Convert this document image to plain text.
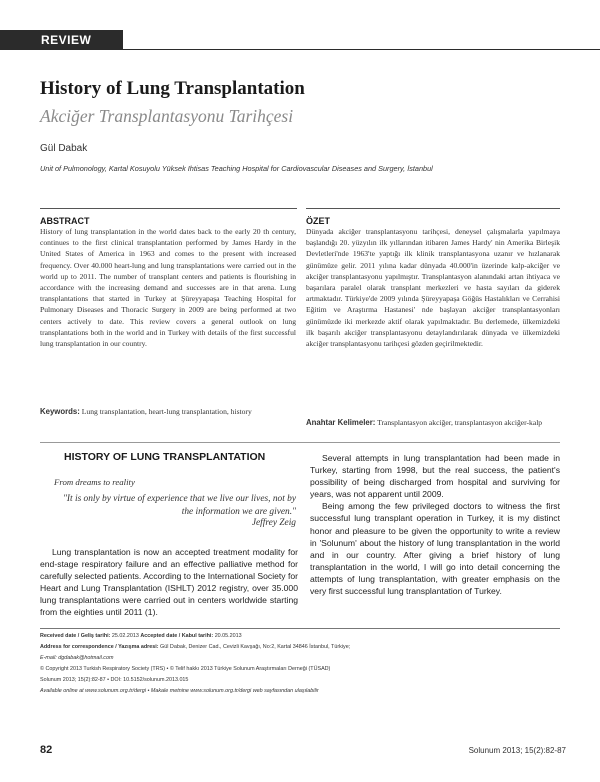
REVIEW
History of Lung Transplantation
Akciğer Transplantasyonu Tarihçesi
Gül Dabak
Unit of Pulmonology, Kartal Kosuyolu Yüksek Ihtisas Teaching Hospital for Cardiovascular Diseases and Surgery, İstanbul
ABSTRACT
History of lung transplantation in the world dates back to the early 20 th century, continues to the first clinical transplantation performed by James Hardy in the United States of America in 1963 and comes to the present with increased frequency. Over 40.000 heart-lung and lung transplantations were carried out in the world up to 2011. The number of transplant centers and patients is flourishing in accordance with the increasing demand and successes are in that arena. Lung transplantations that started in Turkey at Şüreyyapaşa Teaching Hospital for Pulmonary Diseases and Thoracic Surgery in 2009 are being performed at two centers actively to date. This review covers a general outlook on lung transplantations both in the world and in Turkey with details of the first successful lung transplantation in our country.
Keywords: Lung transplantation, heart-lung transplantation, history
ÖZET
Dünyada akciğer transplantasyonu tarihçesi, deneysel çalışmalarla yapılmaya başlandığı 20. yüzyılın ilk yıllarından itibaren James Hardy' nin Amerika Birleşik Devletleri'nde 1963'te yaptığı ilk klinik transplantasyona uzanır ve hızlanarak günümüze gelir. 2011 yılına kadar dünyada 40.000'in üzerinde kalp-akciğer ve akciğer transplantasyonu yapılmıştır. Transplantasyon alanındaki artan ihtiyaca ve başarılara paralel olarak transplant merkezleri ve hasta sayıları da giderek artmaktadır. Türkiye'de 2009 yılında Şüreyyapaşa Göğüs Hastalıkları ve Cerrahisi Eğitim ve Araştırma Hastanesi' nde başlayan akciğer transplantasyonları günümüzde iki merkezde aktif olarak yapılmaktadır. Bu derlemede, ülkemizdeki ilk başarılı akciğer transplantasyonu detaylandırılarak dünyada ve ülkemizdeki akciğer transplantasyonu tarihçesi gözden geçirilmektedir.
Anahtar Kelimeler: Transplantasyon akciğer, transplantasyon akciğer-kalp
HISTORY OF LUNG TRANSPLANTATION
From dreams to reality
"It is only by virtue of experience that we live our lives, not by the information we are given."
Jeffrey Zeig

Lung transplantation is now an accepted treatment modality for end-stage respiratory failure and an effective palliative method for carefully selected patients. According to the International Society for Heart and Lung Transplantation (ISHLT) 2012 registry, over 35.000 lung transplantations were carried out in centers worldwide starting from the eighties until 2011 (1).

Several attempts in lung transplantation had been made in Turkey, starting from 1998, but the real success, the patient's possibility of being discharged from hospital and surviving for years, was not apparent until 2009.

Being among the few privileged doctors to witness the first successful lung transplant operation in Turkey, it is my distinct honor and pleasure to be given the opportunity to write a review in 'Solunum' about the history of lung transplantation in the world and in our country. After giving a brief history of lung transplantation in the world, I will go into detail concerning the attempts of lung transplantation, with greater emphasis on the very first successful lung transplantation of Turkey.

Received date / Geliş tarihi: 25.02.2013 Accepted date / Kabul tarihi: 20.05.2013
Address for correspondence / Yazışma adresi: Gül Dabak, Denizer Cad., Cevizli Kavşağı, No:2, Kartal 34846 İstanbul, Türkiye;
E-mail: dgdabak@hotmail.com
© Copyright 2013 Turkish Respiratory Society (TRS) • © Telif hakkı 2013 Türkiye Solunum Araştırmaları Derneği (TÜSAD)
Solunum 2013; 15(2):82-87 • DOI: 10.5152/solunum.2013.015
Available online at www.solunum.org.tr/dergi • Makale metnine www.solunum.org.tr/dergi web sayfasından ulaşılabilir
82	Solunum 2013; 15(2):82-87
